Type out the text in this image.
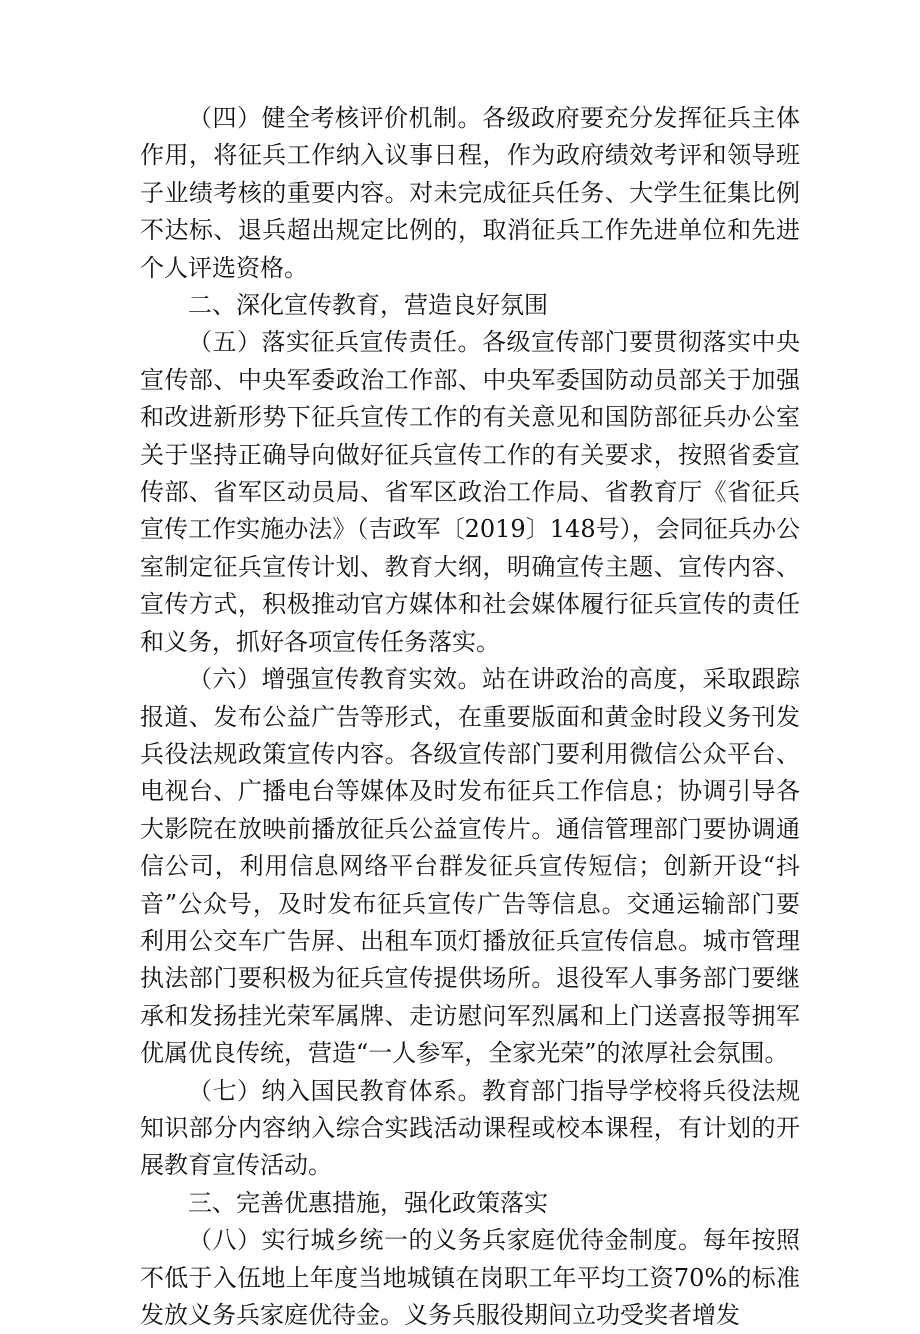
（四）健全考核评价机制。各级政府要充分发挥征兵主体作用，将征兵工作纳入议事日程，作为政府绩效考评和领导班子业绩考核的重要内容。对未完成征兵任务、大学生征集比例不达标、退兵超出规定比例的，取消征兵工作先进单位和先进个人评选资格。

二、深化宣传教育，营造良好氛围

（五）落实征兵宣传责任。各级宣传部门要贯彻落实中央宣传部、中央军委政治工作部、中央军委国防动员部关于加强和改进新形势下征兵宣传工作的有关意见和国防部征兵办公室关于坚持正确导向做好征兵宣传工作的有关要求，按照省委宣传部、省军区动员局、省军区政治工作局、省教育厅《省征兵宣传工作实施办法》（吉政军〔2019〕148号），会同征兵办公室制定征兵宣传计划、教育大纲，明确宣传主题、宣传内容、宣传方式，积极推动官方媒体和社会媒体履行征兵宣传的责任和义务，抓好各项宣传任务落实。

（六）增强宣传教育实效。站在讲政治的高度，采取跟踪报道、发布公益广告等形式，在重要版面和黄金时段义务刊发兵役法规政策宣传内容。各级宣传部门要利用微信公众平台、电视台、广播电台等媒体及时发布征兵工作信息；协调引导各大影院在放映前播放征兵公益宣传片。通信管理部门要协调通信公司，利用信息网络平台群发征兵宣传短信；创新开设“抖音”公众号，及时发布征兵宣传广告等信息。交通运输部门要利用公交车广告屏、出租车顶灯播放征兵宣传信息。城市管理执法部门要积极为征兵宣传提供场所。退役军人事务部门要继承和发扬挂光荣军属牌、走访慰问军烈属和上门送喜报等拥军优属优良传统，营造“一人参军，全家光荣”的浓厚社会氛围。

（七）纳入国民教育体系。教育部门指导学校将兵役法规知识部分内容纳入综合实践活动课程或校本课程，有计划的开展教育宣传活动。

三、完善优惠措施，强化政策落实

（八）实行城乡统一的义务兵家庭优待金制度。每年按照不低于入伍地上年度当地城镇在岗职工年平均工资70%的标准发放义务兵家庭优待金。义务兵服役期间立功受奖者增发
